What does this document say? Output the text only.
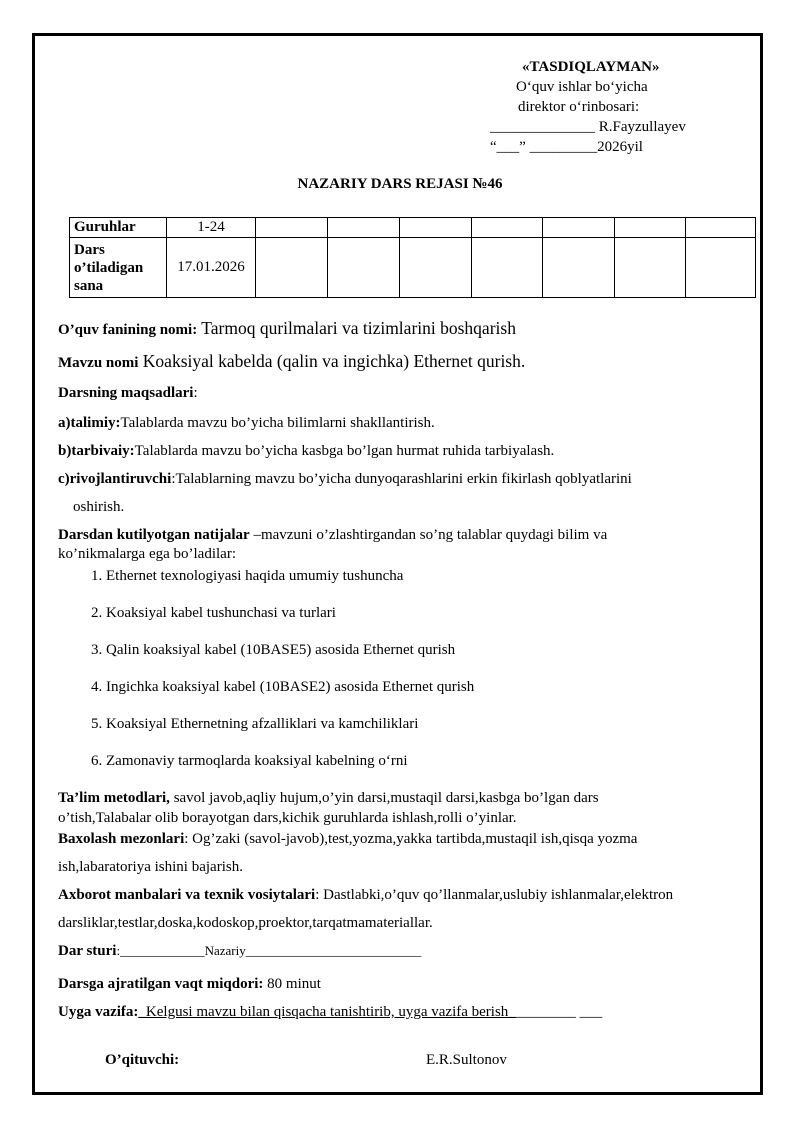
«TASDIQLAYMAN»
O‘quv ishlar bo‘yicha
direktor o‘rinbosari:
______________ R.Fayzullayev
“___” _________2026yil
NAZARIY DARS REJASI №46
Guruhlar	1-24							

Dars
o’tiladigan
sana	17.01.2026							
O’quv fanining nomi: Tarmoq qurilmalari va tizimlarini boshqarish
Mavzu nomi Koaksiyal kabelda (qalin va ingichka) Ethernet qurish.
Darsning maqsadlari:
a)talimiy:Talablarda mavzu bo’yicha bilimlarni shakllantirish.
b)tarbivaiy:Talablarda mavzu bo’yicha kasbga bo’lgan hurmat ruhida tarbiyalash.
c)rivojlantiruvchi:Talablarning mavzu bo’yicha dunyoqarashlarini erkin fikirlash qoblyatlarini
oshirish.
Darsdan kutilyotgan natijalar –mavzuni o’zlashtirgandan so’ng talablar quydagi bilim va
ko’nikmalarga ega bo’ladilar:
1. Ethernet texnologiyasi haqida umumiy tushuncha
2. Koaksiyal kabel tushunchasi va turlari
3. Qalin koaksiyal kabel (10BASE5) asosida Ethernet qurish
4. Ingichka koaksiyal kabel (10BASE2) asosida Ethernet qurish
5. Koaksiyal Ethernetning afzalliklari va kamchiliklari
6. Zamonaviy tarmoqlarda koaksiyal kabelning o‘rni
Ta’lim metodlari, savol javob,aqliy hujum,o’yin darsi,mustaqil darsi,kasbga bo’lgan dars
o’tish,Talabalar olib borayotgan dars,kichik guruhlarda ishlash,rolli o’yinlar.
Baxolash mezonlari: Og’zaki (savol-javob),test,yozma,yakka tartibda,mustaqil ish,qisqa yozma
ish,labaratoriya ishini bajarish.
Axborot manbalari va texnik vosiytalari: Dastlabki,o’quv qo’llanmalar,uslubiy ishlanmalar,elektron
darsliklar,testlar,doska,kodoskop,proektor,tarqatmamateriallar.
Dar sturi:_____________Nazariy___________________________
Darsga ajratilgan vaqt miqdori: 80 minut
Uyga vazifa:_Kelgusi mavzu bilan qisqacha tanishtirib, uyga vazifa berish_________ ___
O’qituvchi:	E.R.Sultonov
